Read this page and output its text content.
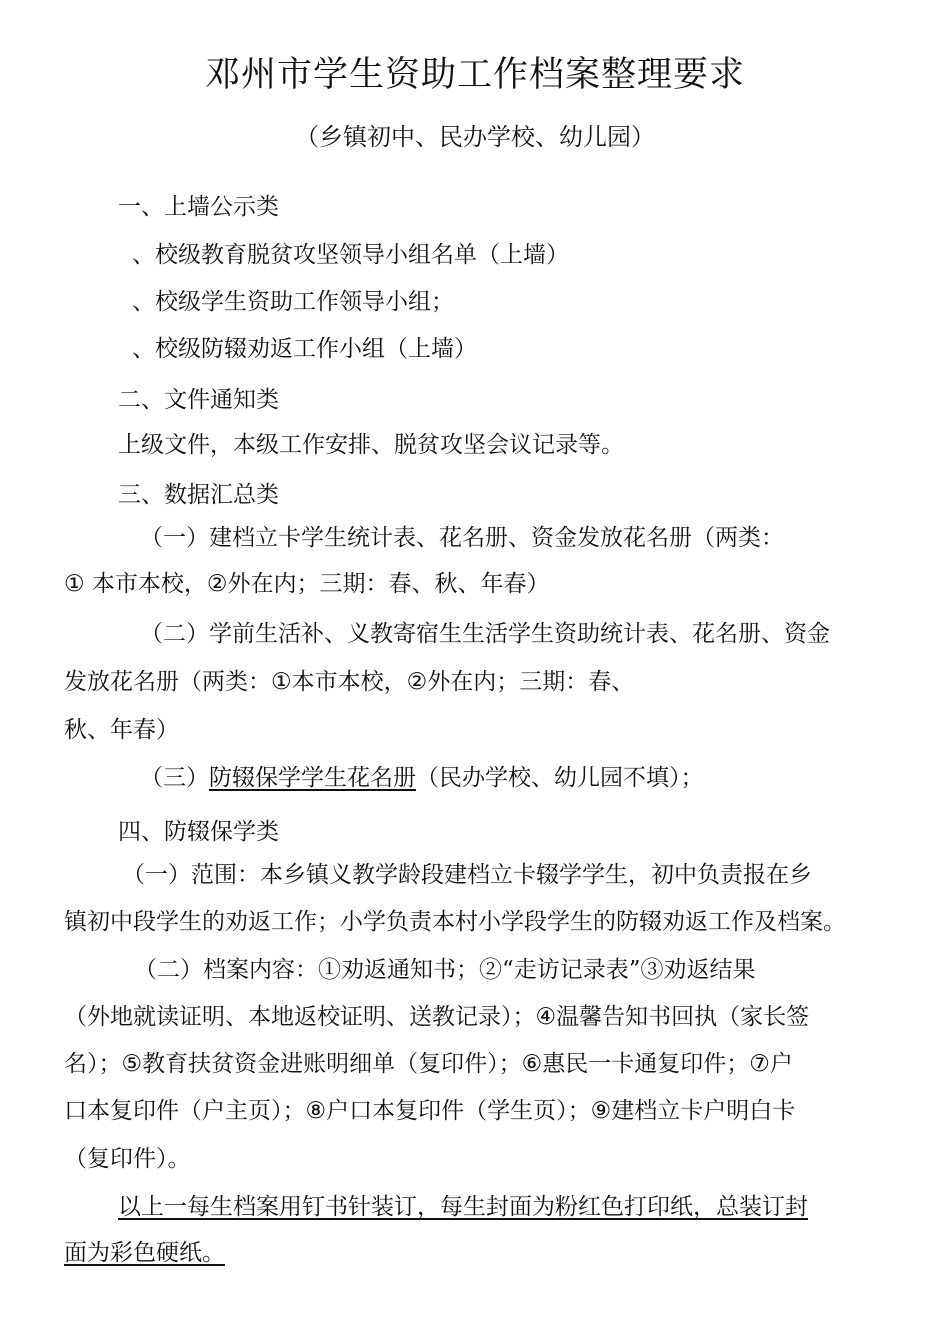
邓州市学生资助工作档案整理要求
（乡镇初中、民办学校、幼儿园）
一、上墙公示类
、校级教育脱贫攻坚领导小组名单（上墙）
、校级学生资助工作领导小组；
、校级防辍劝返工作小组（上墙）
二、文件通知类
上级文件，本级工作安排、脱贫攻坚会议记录等。
三、数据汇总类
（一）建档立卡学生统计表、花名册、资金发放花名册（两类：
① 本市本校，②外在内；三期：春、秋、年春）
（二）学前生活补、义教寄宿生生活学生资助统计表、花名册、资金
发放花名册（两类：①本市本校，②外在内；三期：春、
秋、年春）
（三）防辍保学学生花名册（民办学校、幼儿园不填）；
四、防辍保学类
（一）范围：本乡镇义教学龄段建档立卡辍学学生，初中负责报在乡
镇初中段学生的劝返工作；小学负责本村小学段学生的防辍劝返工作及档案。
（二）档案内容：①劝返通知书；②“走访记录表”③劝返结果
（外地就读证明、本地返校证明、送教记录）；④温馨告知书回执（家长签
名）；⑤教育扶贫资金进账明细单（复印件）；⑥惠民一卡通复印件；⑦户
口本复印件（户主页）；⑧户口本复印件（学生页）；⑨建档立卡户明白卡
（复印件）。
以上一每生档案用钉书针装订，每生封面为粉红色打印纸，总装订封
面为彩色硬纸。
